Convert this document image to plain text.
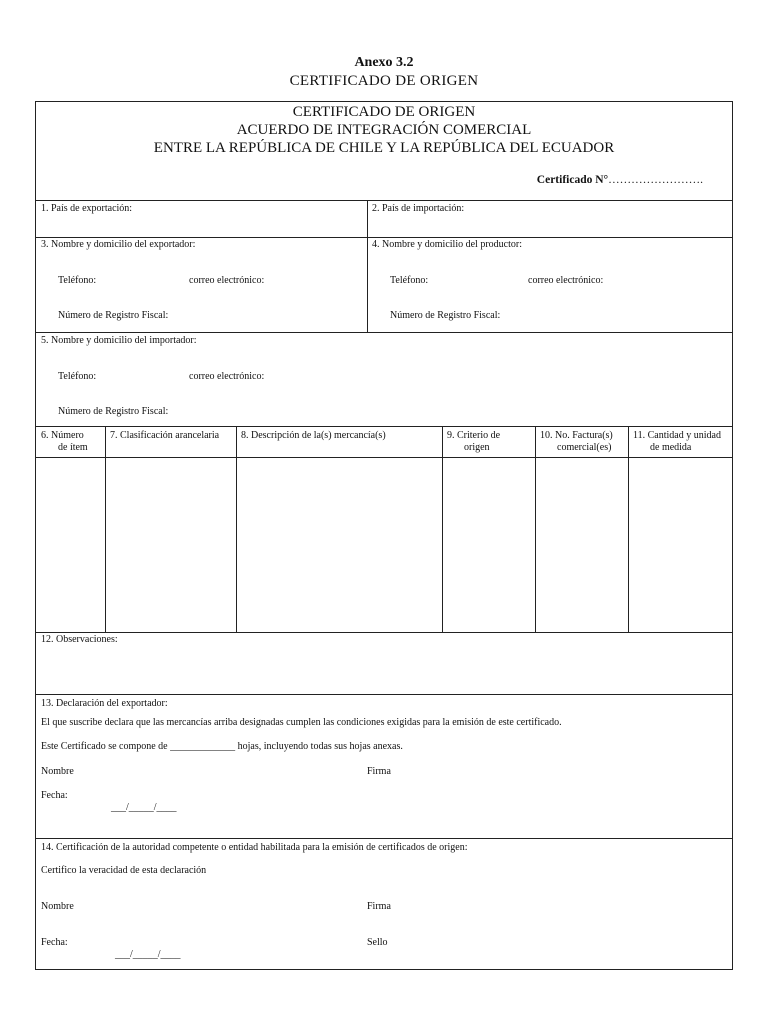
Anexo 3.2
CERTIFICADO DE ORIGEN
CERTIFICADO DE ORIGEN
ACUERDO DE INTEGRACIÓN COMERCIAL
ENTRE LA REPÚBLICA DE CHILE Y LA REPÚBLICA DEL ECUADOR
Certificado N°…………………….
1. País de exportación:	2. País de importación:
3. Nombre y domicilio del exportador:
Teléfono:	correo electrónico:
Número de Registro Fiscal:
4. Nombre y domicilio del productor:
Teléfono:	correo electrónico:
Número de Registro Fiscal:
5. Nombre y domicilio del importador:
Teléfono:	correo electrónico:
Número de Registro Fiscal:
6. Número
de ítem
7. Clasificación arancelaria 8. Descripción de la(s) mercancía(s)	9. Criterio de
origen
10. No. Factura(s)
comercial(es)
11. Cantidad y unidad
de medida
12. Observaciones:
13. Declaración del exportador:
El que suscribe declara que las mercancías arriba designadas cumplen las condiciones exigidas para la emisión de este certificado.
Este Certificado se compone de _____________ hojas, incluyendo todas sus hojas anexas.
Nombre	Firma
Fecha:
___/_____/____
14. Certificación de la autoridad competente o entidad habilitada para la emisión de certificados de origen:
Certifico la veracidad de esta declaración
Nombre	Firma
Fecha:	Sello
___/_____/____
